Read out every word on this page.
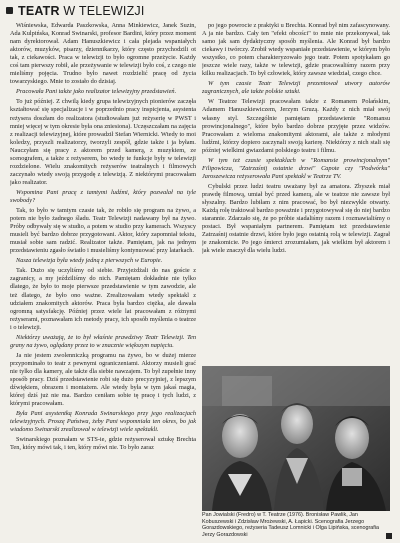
TEATR W TELEWIZJI

Wiśniewska, Edwarda Paszkowska, Anna Minkiewicz, Janek Suzin, Ada Kulpińska, Konrad Swinarski, profesor Bardini, który przez moment nam dyrektorował. Adam Hanuszkiewicz i cała plejada wspaniałych aktorów, muzyków, pisarzy, dziennikarzy, który często przychodzili ot tak, z ciekawości. Praca w telewizji to było ogromne przeżycie. Każdy coś tam pierwszy robił, ale przeżywanie w telewizji było coś, z czego nie mieliśmy pojęcia. Trudno było nawet rozdzielić pracę od życia towarzyskiego. Mnie to zostało do dzisiaj.

Pracowała Pani także jako realizator telewizyjny przedstawień.

To już później. Z chwilą kiedy grupa telewizyjnych pionierów zaczęła kształtować się specjalizacje i w poprzednio pracy inspicjenta, asystenta reżysera doszłam do realizatora (studiowałam już reżyserię w PWST i mniej więcej w tym okresie była ona zniesiona). Uczęszczałam na zajęcia z realizacji telewizyjnej, które prowadził Stefan Wiernicki. Wtedy to moi koledzy, przyszli realizatorzy, tworzyli zespół, gdzie także i ja byłam. Nauczyłam się pracy z aktorem przed kamerą, z muzykiem, ze scenografem, a także z reżyserem, bo wtedy te funkcje były w telewizji rozdzielone. Wielu znakomitych reżyserów teatralnych i filmowych zaczynało wtedy swoją przygodę z telewizją. Z niektórymi pracowałam jako realizator.

Wspomina Pani pracę z tamtymi ludźmi, który pozwalał na tyle swobody?

Tak, to było w tamtym czasie tak, że robiło się program na żywo, a potem nie było żadnego śladu. Teatr Telewizji nadawany był na żywo. Próby odbywały się w studio, a potem w studio przy kamerach. Wszyscy musieli być bardzo dobrze przygotowani. Aktor, który zapomniał tekstu, musiał sobie sam radzić. Realizator także. Pamiętam, jak na jednym przedstawieniu zgasło światło i musieliśmy kontynuować przy latarkach.

Nasza telewizja była wtedy jedną z pierwszych w Europie.

Tak. Dużo się uczyliśmy od siebie. Przyjeżdżali do nas goście z zagranicy, a my jeździliśmy do nich. Pamiętam dokładnie nie tylko dlatego, że było to moje pierwsze przedstawienie w tym zawodzie, ale też dlatego, że było ono ważne. Zrealizowałam wtedy spektakl z udziałem znakomitych aktorów. Praca była bardzo ciężka, ale dawała ogromną satysfakcję. Później przez wiele lat pracowałam z różnymi reżyserami, poznawałam ich metody pracy, ich sposób myślenia o teatrze i o telewizji.

Niektórzy uważają, że to był właśnie prawdziwy Teatr Telewizji. Ten grany na żywo, oglądany przez to w znacznie większym napięciu.

Ja nie jestem zwolenniczką programu na żywo, bo w dużej mierze przypominało to teatr z pewnymi ograniczeniami. Aktorzy musieli grać nie tylko dla kamery, ale także dla siebie nawzajem. To był zupełnie inny sposób pracy. Dziś przedstawienie robi się dużo precyzyjniej, z lepszym dźwiękiem, obrazem i montażem. Ale wtedy była w tym jakaś magia, której dziś już nie ma. Bardzo ceniłam sobie tę pracę i tych ludzi, z którymi pracowałam.

Była Pani asystentką Konrada Swinarskiego przy jego realizacjach telewizyjnych. Proszę Państwa, żeby Pani wspomniała ten okres, bo jak wiadomo Swinarski zrealizował w telewizji wiele spektakli.

Swinarskiego poznałam w STS-ie, gdzie reżyserował sztukę Brechta Ten, który mówi tak, i ten, który mówi nie. To było zaraz

po jego powrocie z praktyki u Brechta. Konrad był nim zafascynowany. A ja nie bardzo. Cały ten "efekt obcości" to mnie nie przekonywał, tak samo jak sam dydaktyczny sposób myślenia. Ale Konrad był bardzo ciekawy i twórczy. Zrobił wtedy wspaniałe przedstawienie, w którym było wszystko, co potem charakteryzowało jego teatr. Potem spotykałam go jeszcze wiele razy, także w telewizji, gdzie pracowaliśmy razem przy kilku realizacjach. To był człowiek, który zawsze wiedział, czego chce.

W tym czasie Teatr Telewizji prezentował utwory autorów zagranicznych, ale także polskie sztuki.

W Teatrze Telewizji pracowałam także z Romanem Polańskim, Adamem Hanuszkiewiczem, Jerzym Gruzą. Każdy z nich miał swój własny styl. Szczególnie pamiętam przedstawienie "Romansu prowincjonalnego", które było bardzo dobrze przyjęte przez widzów. Pracowałam z wieloma znakomitymi aktorami, ale także z młodymi ludźmi, którzy dopiero zaczynali swoją karierę. Niektórzy z nich stali się później wielkimi gwiazdami polskiego teatru i filmu.

W tym też czasie spektaklach w "Romansie prowincjonalnym" Filipowicza, "Zatrzaśnij ostatnie drzwi" Capote czy "Podwórku" Jaroszewicza reżyserowała Pani spektakl w Teatrze TV.

Cybulski przez ludzi teatru uważany był za amatora. Zbyszek miał prawdę filmową, umiał być przed kamerą, ale w teatrze nie zawsze był słyszalny. Bardzo lubiłam z nim pracować, bo był niezwykle otwarty. Każdą rolę traktował bardzo poważnie i przygotowywał się do niej bardzo starannie. Zdarzało się, że po próbie siadaliśmy razem i rozmawialiśmy o postaci. Był wspaniałym partnerem. Pamiętam też przedstawienie Zatrzaśnij ostatnie drzwi, które było jego ostatnią rolą w telewizji. Zagrał je znakomicie. Po jego śmierci zrozumiałam, jak wielkim był aktorem i jak wiele znaczył dla wielu ludzi.

Pan Jowialski (Fredro) w T. Teatrze (1976). Bronisław Pawlik, Jan Kobuszewski i Zdzisław Mrożewski, A. Łapicki. Scenografia Jerzego Gorazdowskiego, reżyseria Tadeusz Lomnicki i Olga Lipińska, scenografia Jerzy Gorazdowski
